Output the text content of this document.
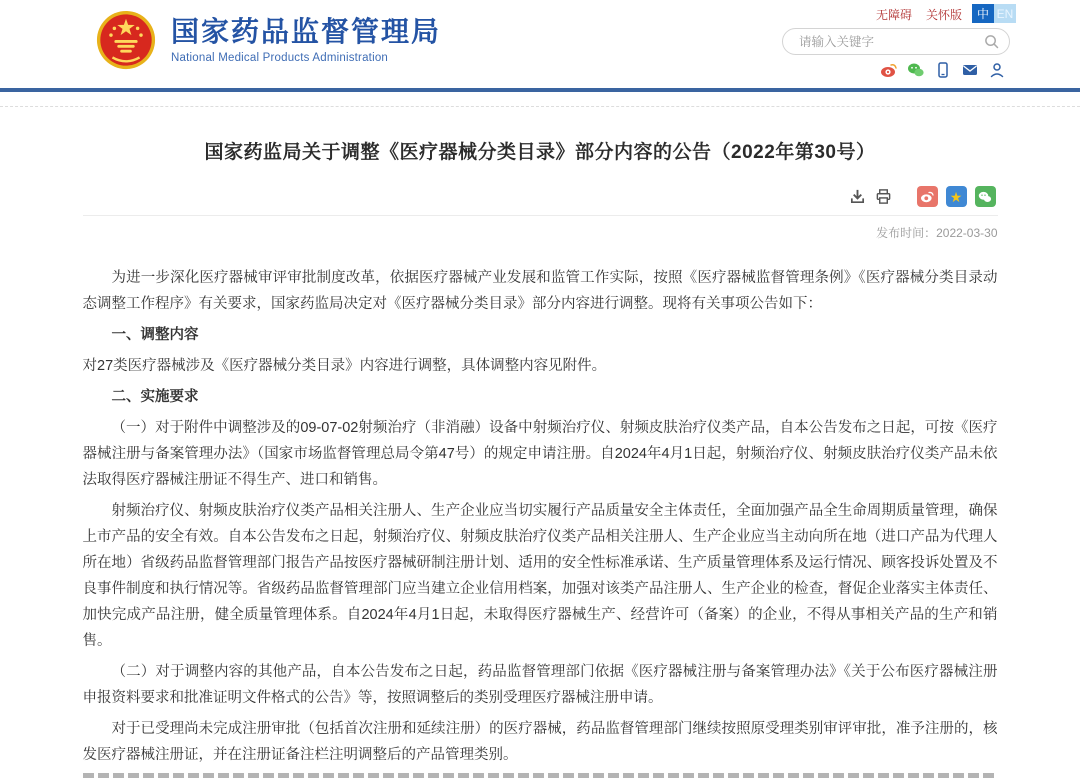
国家药品监督管理局
National Medical Products Administration
无障碍 关怀版	中 EN
请输入关键字
国家药监局关于调整《医疗器械分类目录》部分内容的公告（2022年第30号）
★
发布时间：2022-03-30

为进一步深化医疗器械审评审批制度改革，依据医疗器械产业发展和监管工作实际，按照《医疗器械监督管理条例》《医疗器械分类目录动态调整工作程序》有关要求，国家药监局决定对《医疗器械分类目录》部分内容进行调整。现将有关事项公告如下：

一、调整内容

对27类医疗器械涉及《医疗器械分类目录》内容进行调整，具体调整内容见附件。

二、实施要求

（一）对于附件中调整涉及的09-07-02射频治疗（非消融）设备中射频治疗仪、射频皮肤治疗仪类产品，自本公告发布之日起，可按《医疗器械注册与备案管理办法》（国家市场监督管理总局令第47号）的规定申请注册。自2024年4月1日起，射频治疗仪、射频皮肤治疗仪类产品未依法取得医疗器械注册证不得生产、进口和销售。

射频治疗仪、射频皮肤治疗仪类产品相关注册人、生产企业应当切实履行产品质量安全主体责任，全面加强产品全生命周期质量管理，确保上市产品的安全有效。自本公告发布之日起，射频治疗仪、射频皮肤治疗仪类产品相关注册人、生产企业应当主动向所在地（进口产品为代理人所在地）省级药品监督管理部门报告产品按医疗器械研制注册计划、适用的安全性标准承诺、生产质量管理体系及运行情况、顾客投诉处置及不良事件制度和执行情况等。省级药品监督管理部门应当建立企业信用档案，加强对该类产品注册人、生产企业的检查，督促企业落实主体责任、加快完成产品注册，健全质量管理体系。自2024年4月1日起，未取得医疗器械生产、经营许可（备案）的企业，不得从事相关产品的生产和销售。

（二）对于调整内容的其他产品，自本公告发布之日起，药品监督管理部门依据《医疗器械注册与备案管理办法》《关于公布医疗器械注册申报资料要求和批准证明文件格式的公告》等，按照调整后的类别受理医疗器械注册申请。

对于已受理尚未完成注册审批（包括首次注册和延续注册）的医疗器械，药品监督管理部门继续按照原受理类别审评审批，准予注册的，核发医疗器械注册证，并在注册证备注栏注明调整后的产品管理类别。
